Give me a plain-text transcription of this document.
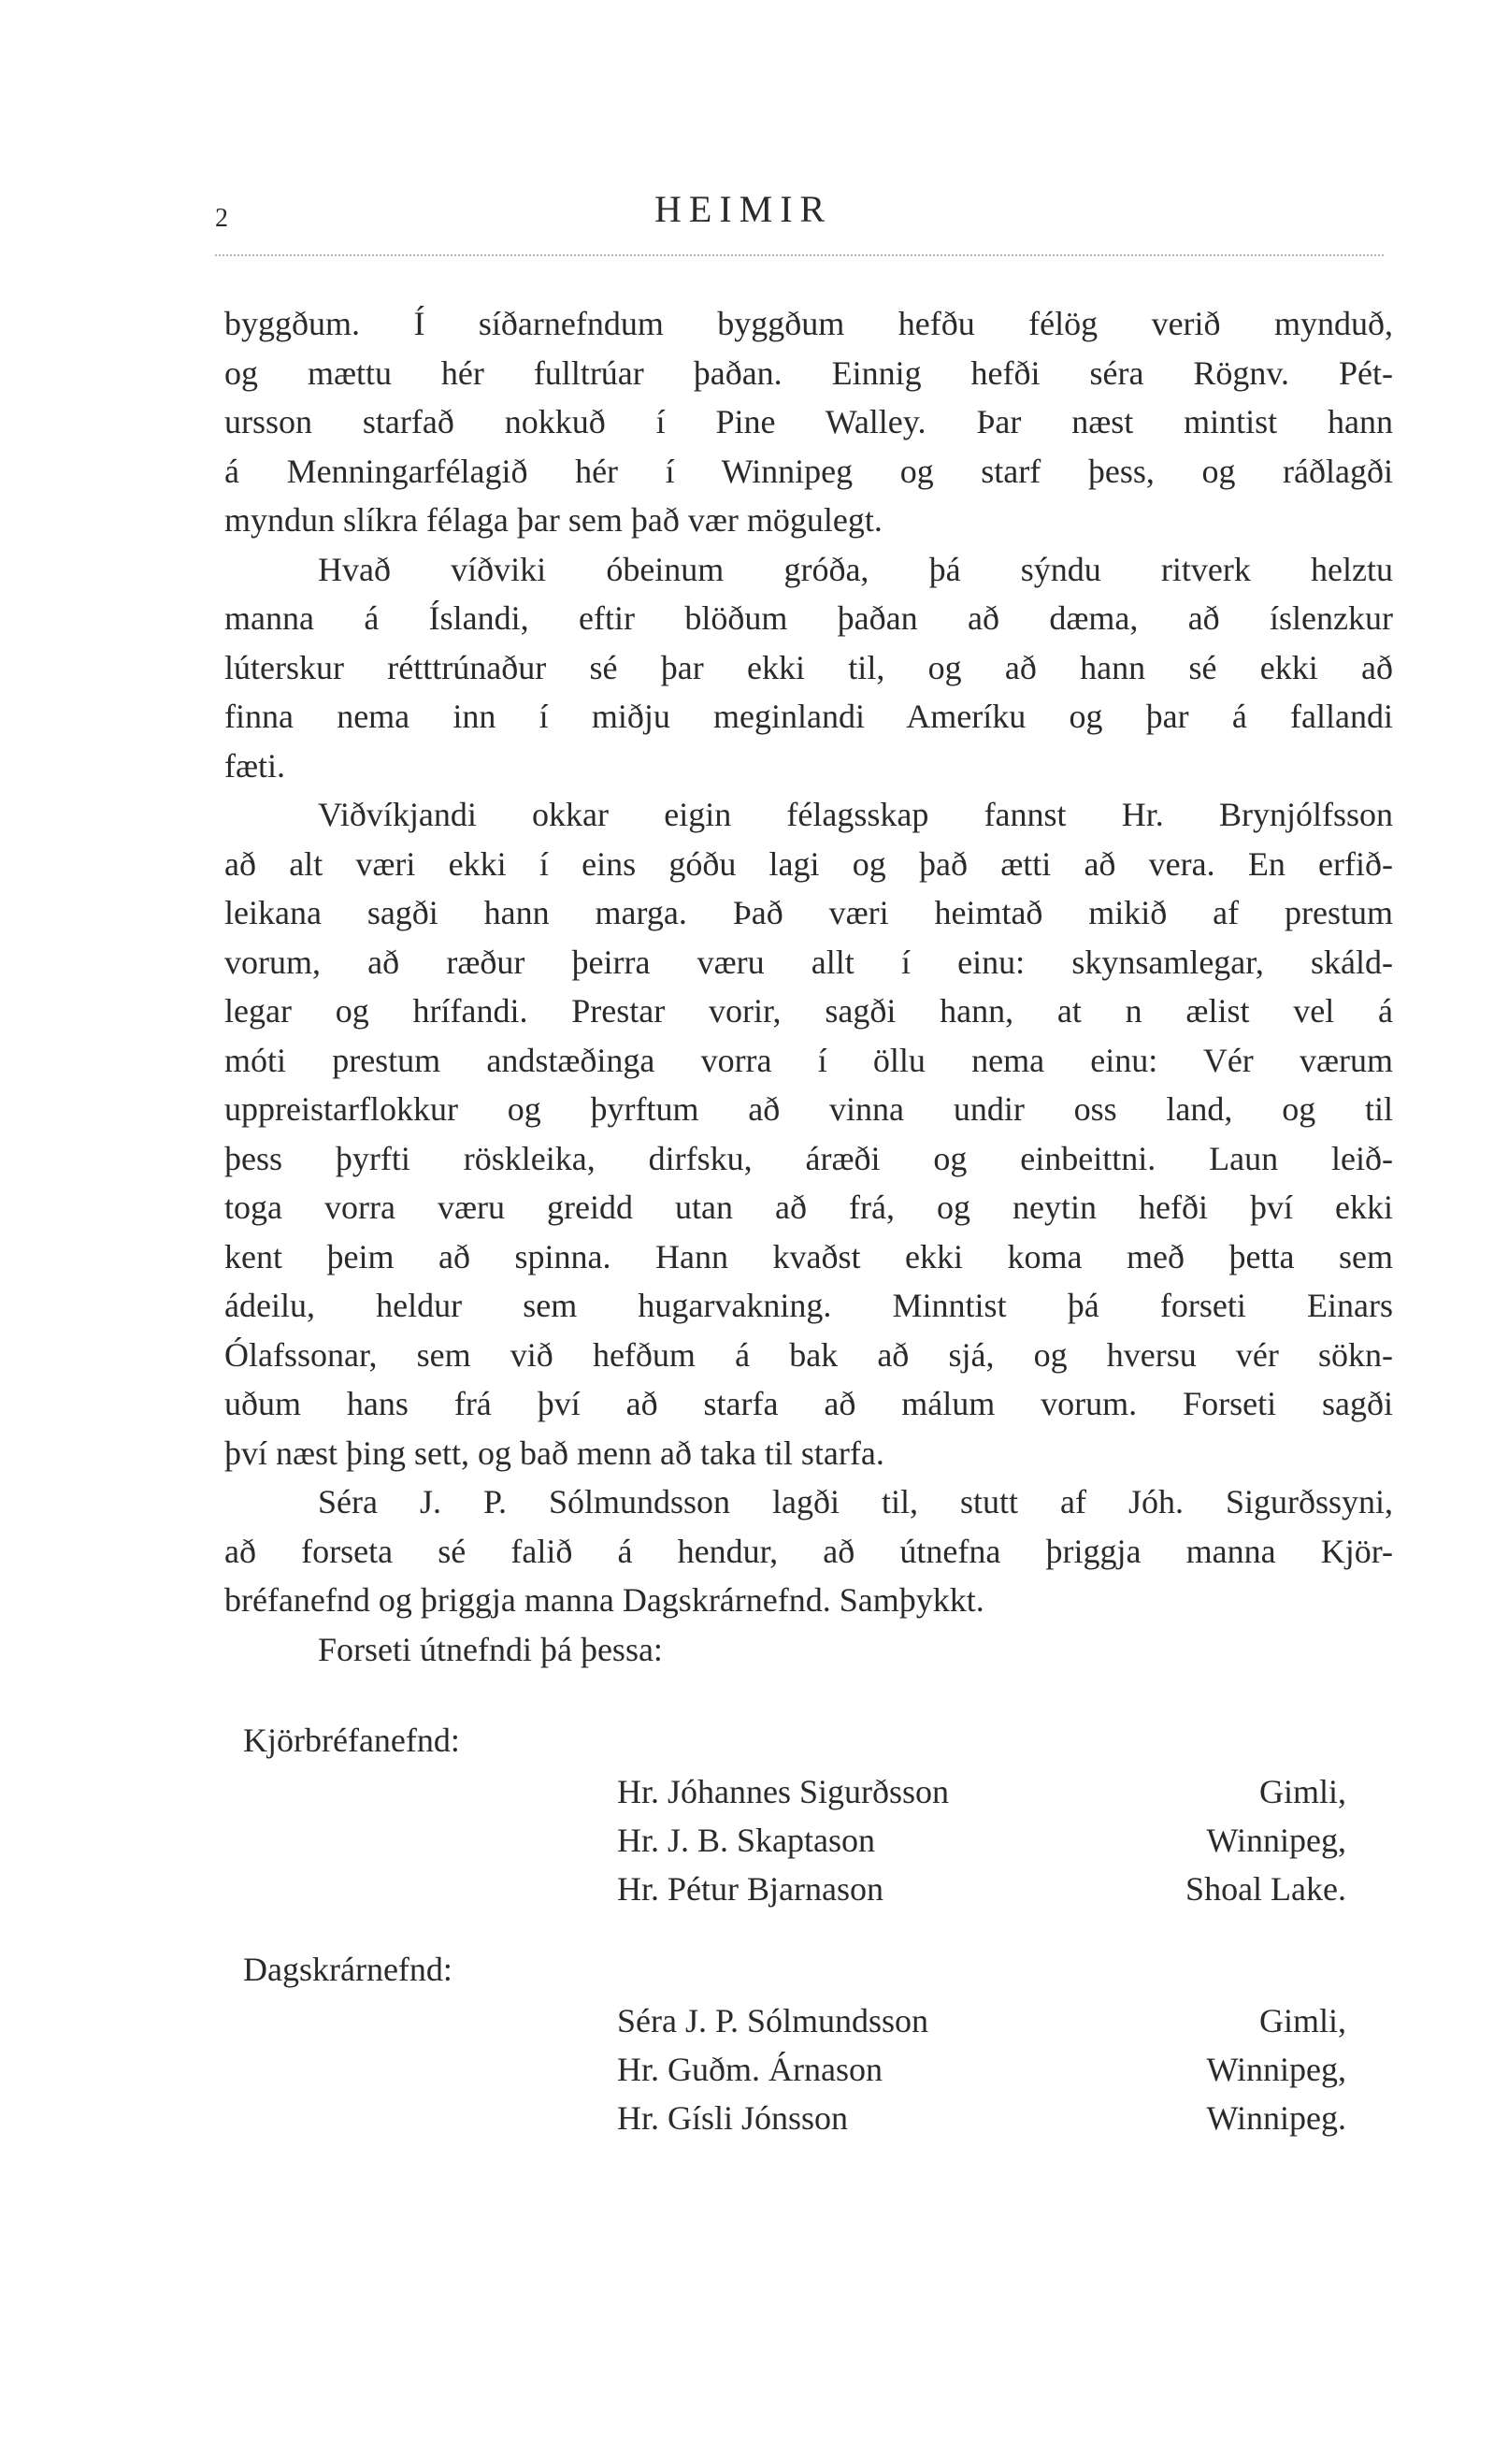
2	HEIMIR
byggðum. Í síðarnefndum byggðum hefðu félög verið mynduð,
og mættu hér fulltrúar þaðan. Einnig hefði séra Rögnv. Pét-
ursson starfað nokkuð í Pine Walley. Þar næst mintist hann
á Menningarfélagið hér í Winnipeg og starf þess, og ráðlagði
myndun slíkra félaga þar sem það vær mögulegt.
Hvað víðviki óbeinum gróða, þá sýndu ritverk helztu
manna á Íslandi, eftir blöðum þaðan að dæma, að íslenzkur
lúterskur rétttrúnaður sé þar ekki til, og að hann sé ekki að
finna nema inn í miðju meginlandi Ameríku og þar á fallandi
fæti.
Viðvíkjandi okkar eigin félagsskap fannst Hr. Brynjólfsson
að alt væri ekki í eins góðu lagi og það ætti að vera. En erfið-
leikana sagði hann marga. Það væri heimtað mikið af prestum
vorum, að ræður þeirra væru allt í einu: skynsamlegar, skáld-
legar og hrífandi. Prestar vorir, sagði hann, at n ælist vel á
móti prestum andstæðinga vorra í öllu nema einu: Vér værum
uppreistarflokkur og þyrftum að vinna undir oss land, og til
þess þyrfti röskleika, dirfsku, áræði og einbeittni. Laun leið-
toga vorra væru greidd utan að frá, og neytin hefði því ekki
kent þeim að spinna. Hann kvaðst ekki koma með þetta sem
ádeilu, heldur sem hugarvakning. Minntist þá forseti Einars
Ólafssonar, sem við hefðum á bak að sjá, og hversu vér sökn-
uðum hans frá því að starfa að málum vorum. Forseti sagði
því næst þing sett, og bað menn að taka til starfa.
Séra J. P. Sólmundsson lagði til, stutt af Jóh. Sigurðssyni,
að forseta sé falið á hendur, að útnefna þriggja manna Kjör-
bréfanefnd og þriggja manna Dagskrárnefnd. Samþykkt.
Forseti útnefndi þá þessa:
Kjörbréfanefnd:
Hr. Jóhannes Sigurðsson	Gimli,
Hr. J. B. Skaptason	Winnipeg,
Hr. Pétur Bjarnason	Shoal Lake.
Dagskrárnefnd:
Séra J. P. Sólmundsson	Gimli,
Hr. Guðm. Árnason	Winnipeg,
Hr. Gísli Jónsson	Winnipeg.
